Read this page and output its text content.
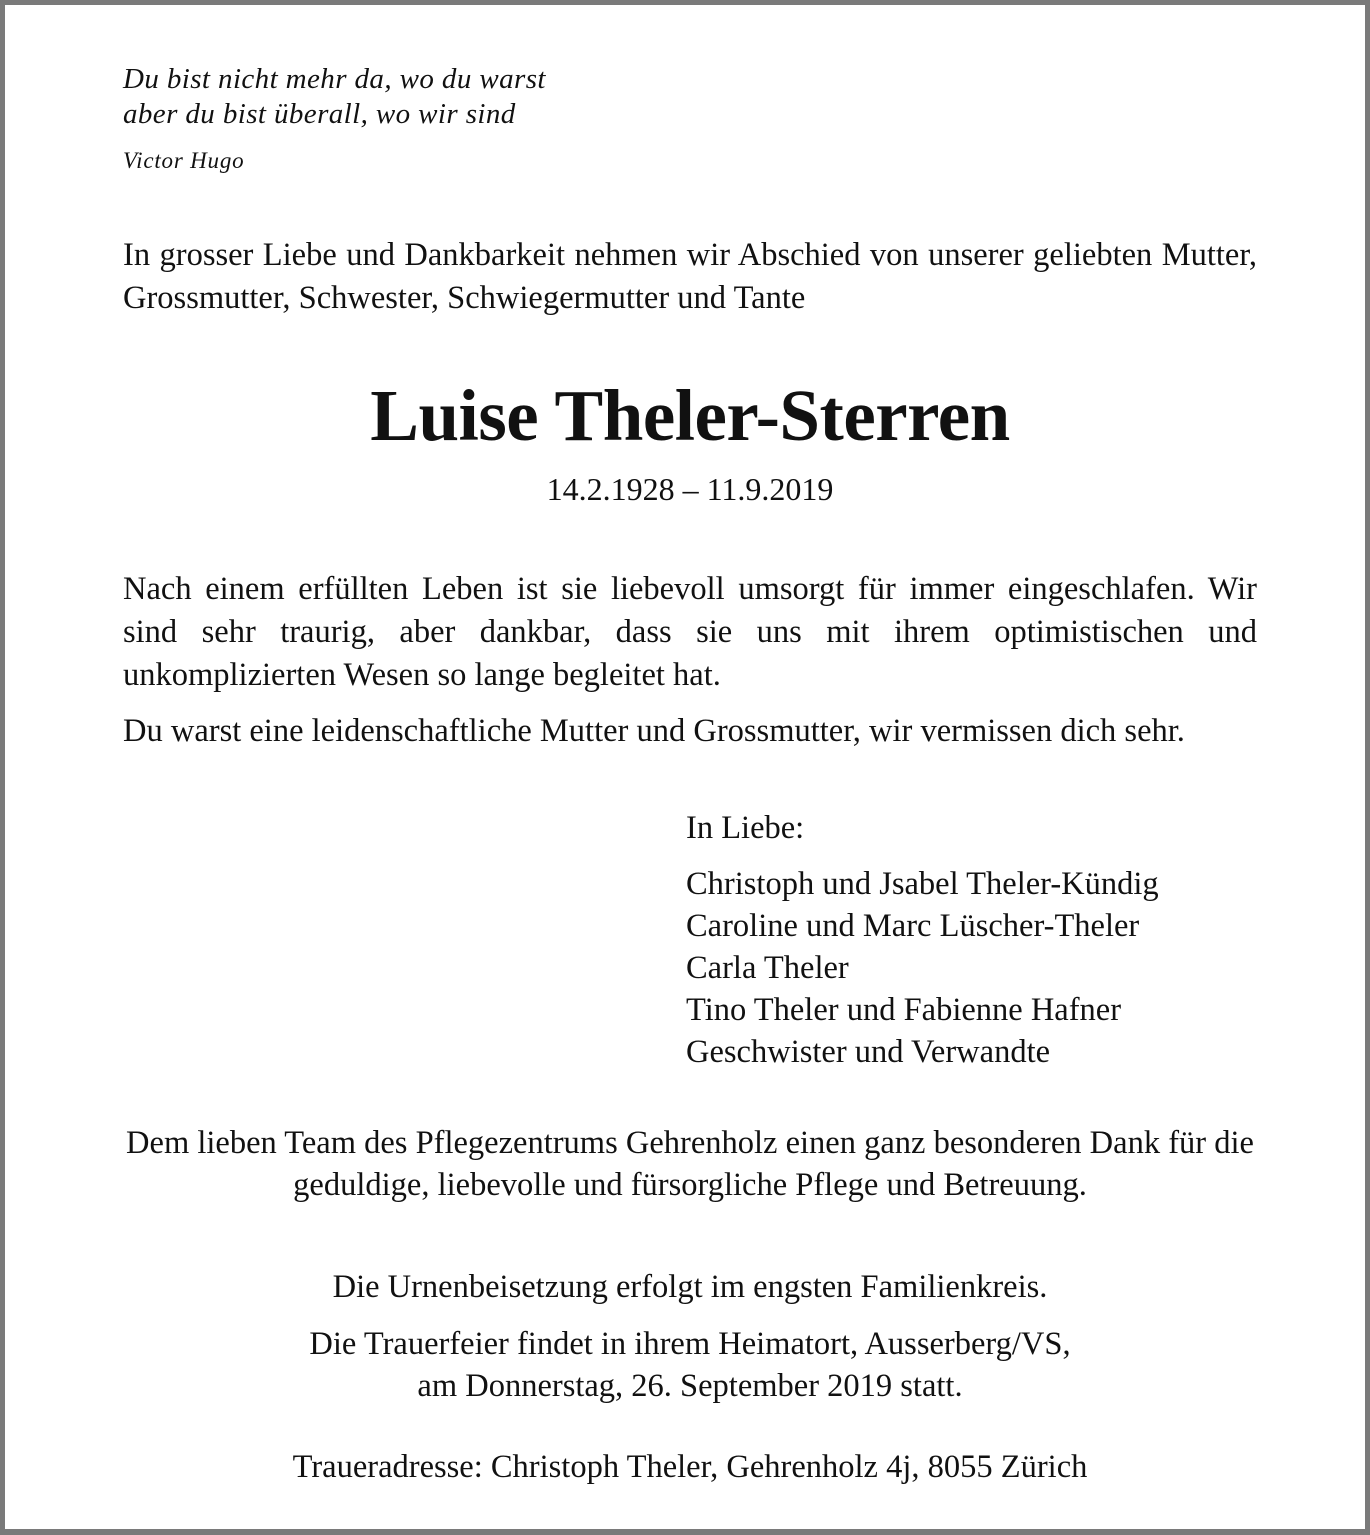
Du bist nicht mehr da, wo du warst
aber du bist überall, wo wir sind
Victor Hugo
In grosser Liebe und Dankbarkeit nehmen wir Abschied von unserer geliebten Mutter, Grossmutter, Schwester, Schwiegermutter und Tante
Luise Theler-Sterren
14.2.1928 – 11.9.2019
Nach einem erfüllten Leben ist sie liebevoll umsorgt für immer eingeschlafen. Wir sind sehr traurig, aber dankbar, dass sie uns mit ihrem optimistischen und unkomplizierten Wesen so lange begleitet hat.
Du warst eine leidenschaftliche Mutter und Grossmutter, wir vermissen dich sehr.
In Liebe:
Christoph und Jsabel Theler-Kündig
Caroline und Marc Lüscher-Theler
Carla Theler
Tino Theler und Fabienne Hafner
Geschwister und Verwandte
Dem lieben Team des Pflegezentrums Gehrenholz einen ganz besonderen Dank für die geduldige, liebevolle und fürsorgliche Pflege und Betreuung.
Die Urnenbeisetzung erfolgt im engsten Familienkreis.
Die Trauerfeier findet in ihrem Heimatort, Ausserberg/VS,
am Donnerstag, 26. September 2019 statt.
Traueradresse: Christoph Theler, Gehrenholz 4j, 8055 Zürich
